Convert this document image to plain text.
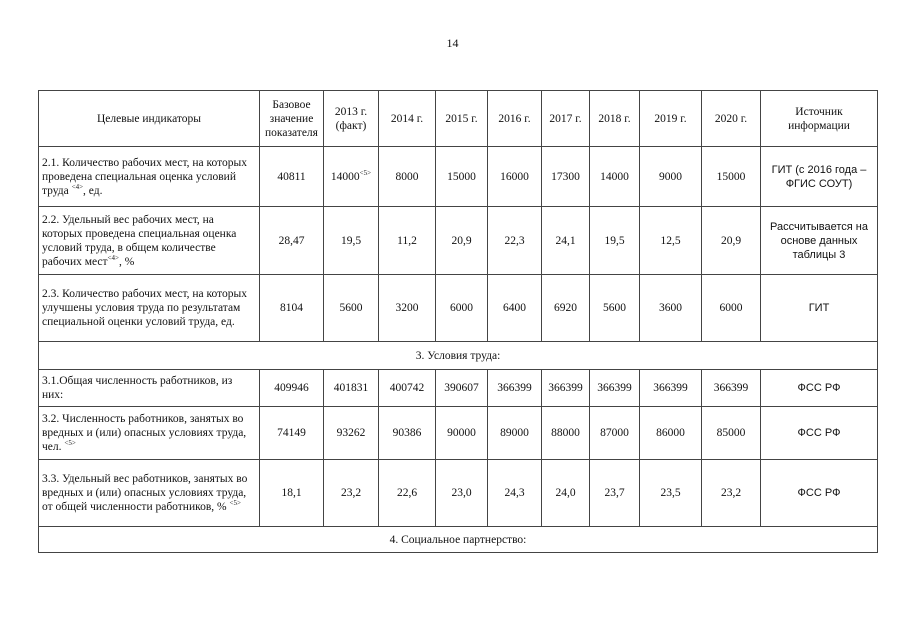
14
Целевые индикаторы	Базовое значение показателя	2013 г. (факт)	2014 г.	2015 г.	2016 г.	2017 г.	2018 г.	2019 г.	2020 г.	Источник информации
2.1. Количество рабочих мест, на которых проведена специальная оценка условий труда $^{<4>}$, ед.	40811	$14000^{<5>}$	8000	15000	16000	17300	14000	9000	15000	ГИТ (с 2016 года – ФГИС СОУТ)
2.2. Удельный вес рабочих мест, на которых проведена специальная оценка условий труда, в общем количестве рабочих мест$^{<4>}$, %	28,47	19,5	11,2	20,9	22,3	24,1	19,5	12,5	20,9	Рассчитывается на основе данных таблицы 3
2.3. Количество рабочих мест, на которых улучшены условия труда по результатам специальной оценки условий труда, ед.	8104	5600	3200	6000	6400	6920	5600	3600	6000	ГИТ
3. Условия труда:										
3.1.Общая численность работников, из них:	409946	401831	400742	390607	366399	366399	366399	366399	366399	ФСС РФ
3.2. Численность работников, занятых во вредных и (или) опасных условиях труда, чел. $^{<5>}$	74149	93262	90386	90000	89000	88000	87000	86000	85000	ФСС РФ
3.3. Удельный вес работников, занятых во вредных и (или) опасных условиях труда, от общей численности работников, % $^{<5>}$	18,1	23,2	22,6	23,0	24,3	24,0	23,7	23,5	23,2	ФСС РФ
4. Социальное партнерство:										
